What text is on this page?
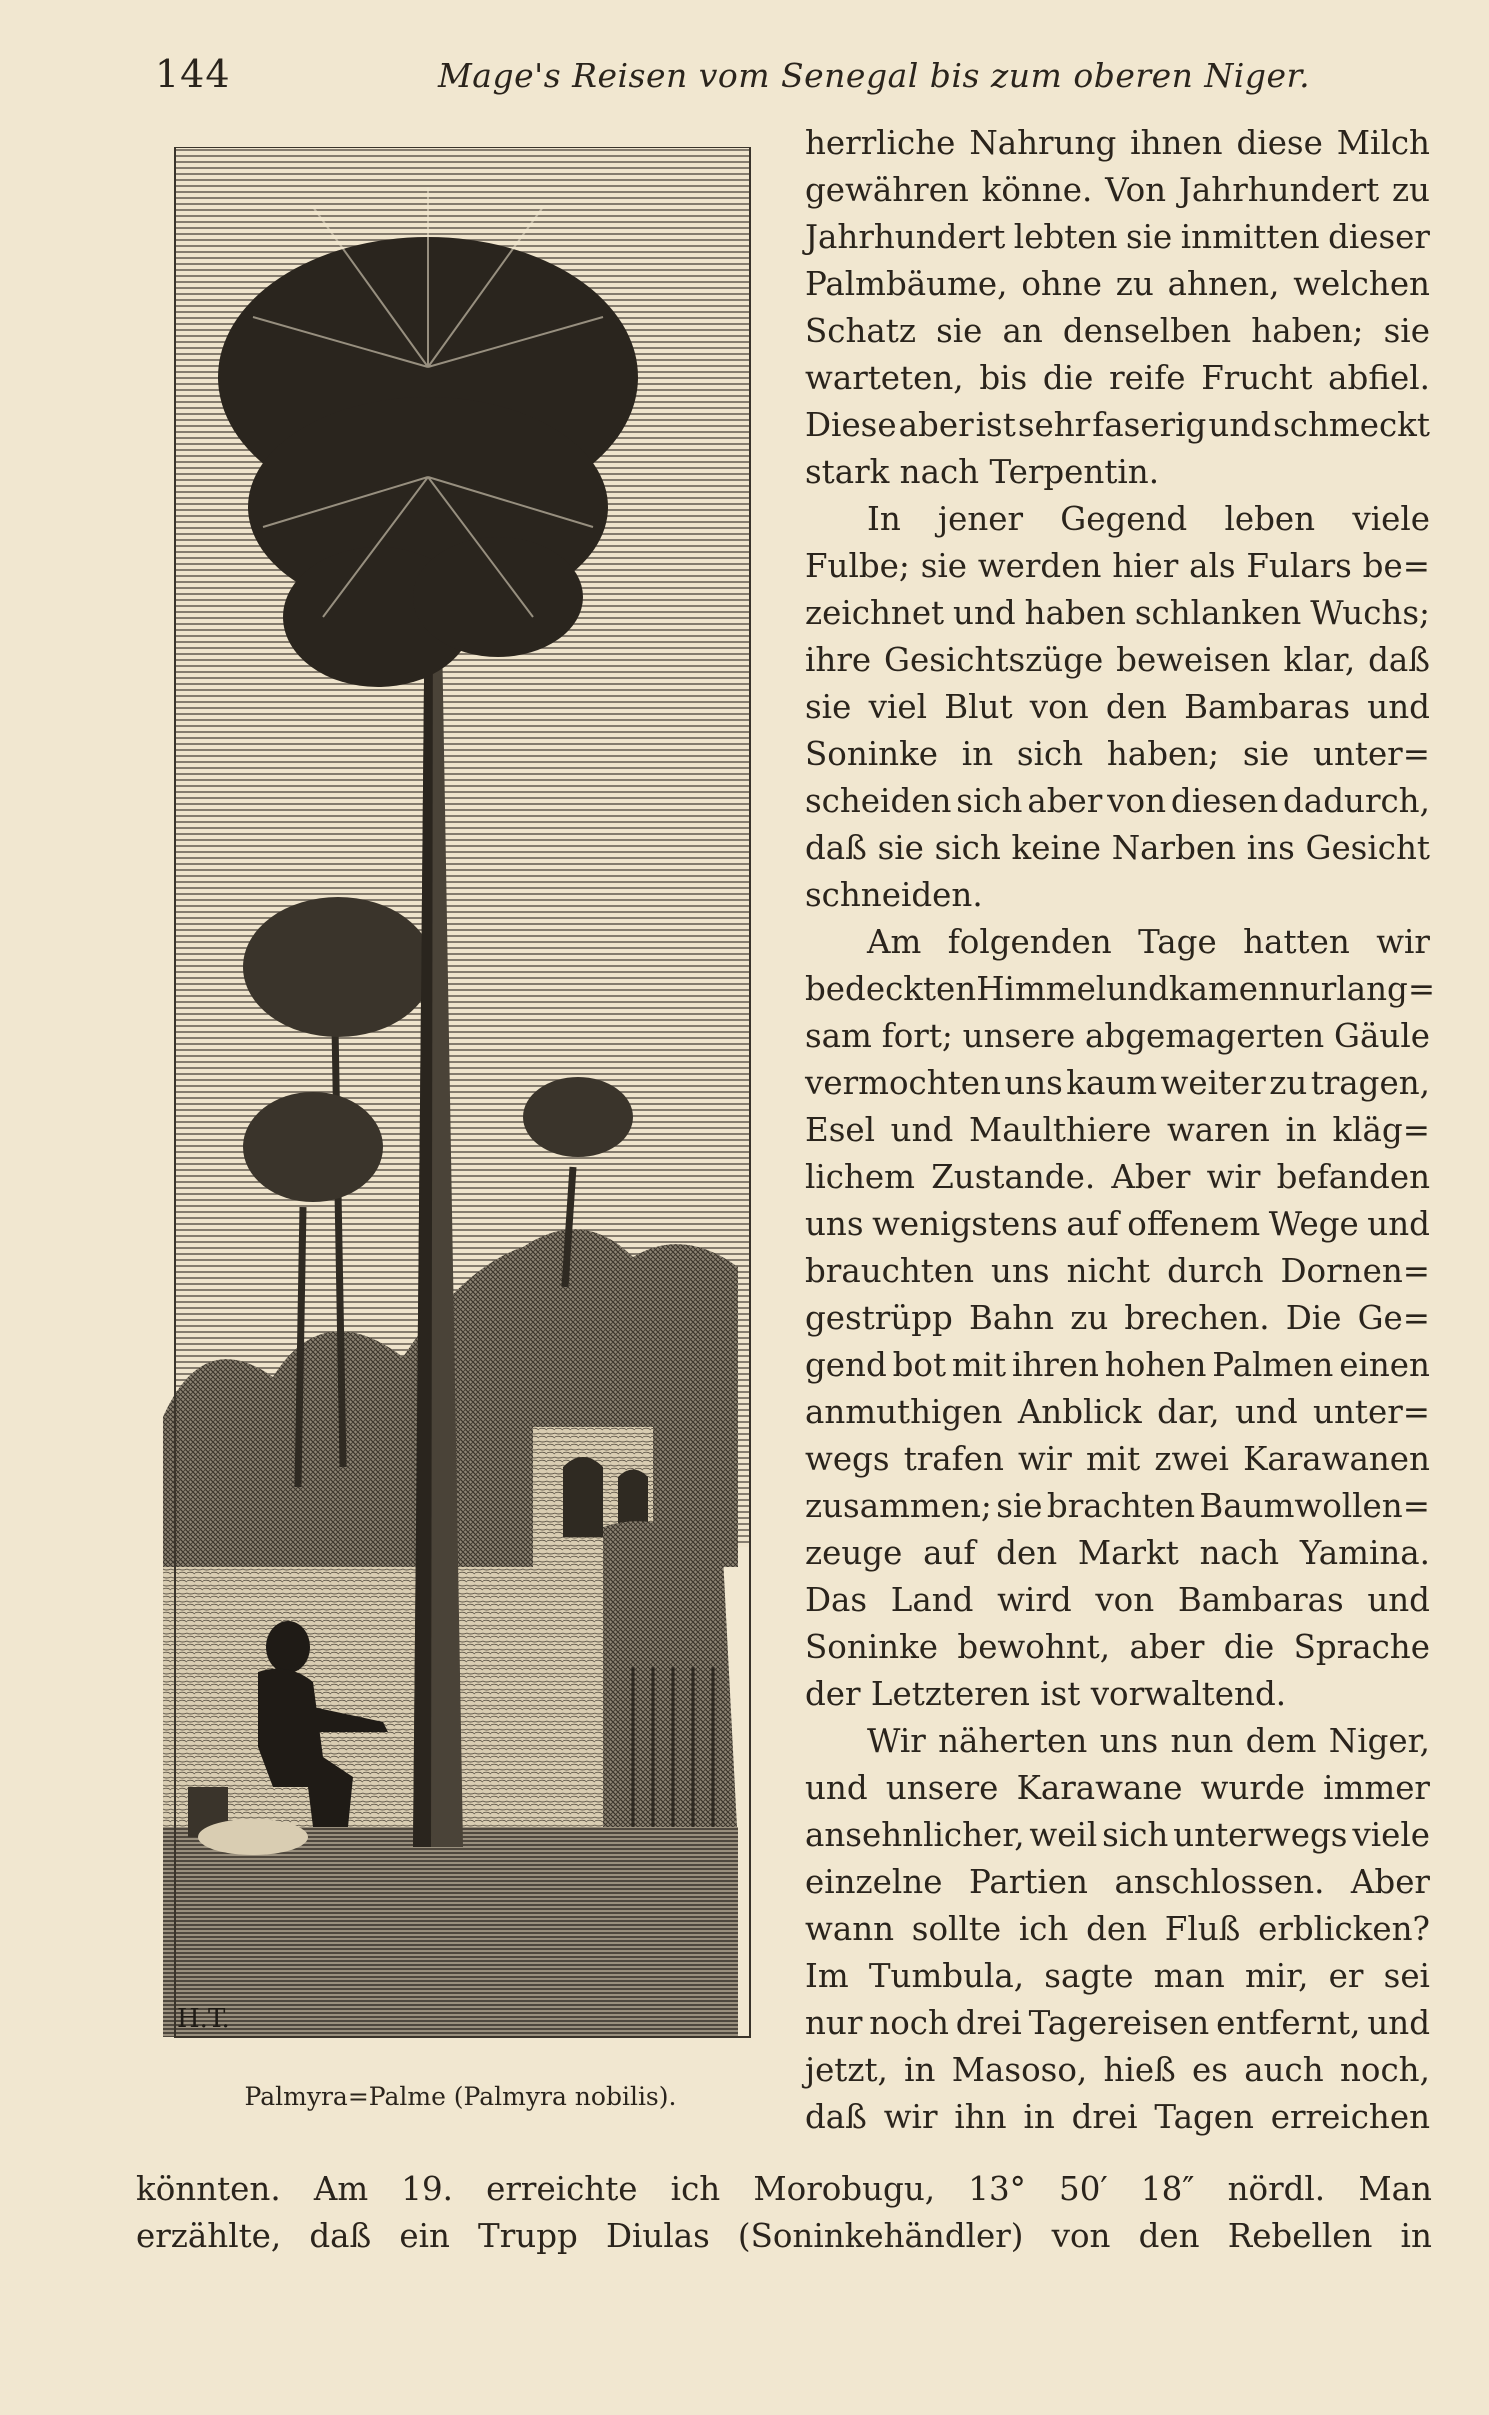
144	Mage's Reisen vom Senegal bis zum oberen Niger.
H.T.
Palmyra=Palme (Palmyra nobilis).
herrliche Nahrung ihnen diese Milch
gewähren könne. Von Jahrhundert zu
Jahrhundert lebten sie inmitten dieser
Palmbäume, ohne zu ahnen, welchen
Schatz sie an denselben haben; sie
warteten, bis die reife Frucht abfiel.
Diese aber ist sehr faserig und schmeckt
stark nach Terpentin.
In jener Gegend leben viele
Fulbe; sie werden hier als Fulars be=
zeichnet und haben schlanken Wuchs;
ihre Gesichtszüge beweisen klar, daß
sie viel Blut von den Bambaras und
Soninke in sich haben; sie unter=
scheiden sich aber von diesen dadurch,
daß sie sich keine Narben ins Gesicht
schneiden.
Am folgenden Tage hatten wir
bedeckten Himmel und kamen nur lang=
sam fort; unsere abgemagerten Gäule
vermochten uns kaum weiter zu tragen,
Esel und Maulthiere waren in kläg=
lichem Zustande. Aber wir befanden
uns wenigstens auf offenem Wege und
brauchten uns nicht durch Dornen=
gestrüpp Bahn zu brechen. Die Ge=
gend bot mit ihren hohen Palmen einen
anmuthigen Anblick dar, und unter=
wegs trafen wir mit zwei Karawanen
zusammen; sie brachten Baumwollen=
zeuge auf den Markt nach Yamina.
Das Land wird von Bambaras und
Soninke bewohnt, aber die Sprache
der Letzteren ist vorwaltend.
Wir näherten uns nun dem Niger,
und unsere Karawane wurde immer
ansehnlicher, weil sich unterwegs viele
einzelne Partien anschlossen. Aber
wann sollte ich den Fluß erblicken?
Im Tumbula, sagte man mir, er sei
nur noch drei Tagereisen entfernt, und
jetzt, in Masoso, hieß es auch noch,
daß wir ihn in drei Tagen erreichen
könnten. Am 19. erreichte ich Morobugu, 13° 50′ 18″ nördl. Man
erzählte, daß ein Trupp Diulas (Soninkehändler) von den Rebellen in
